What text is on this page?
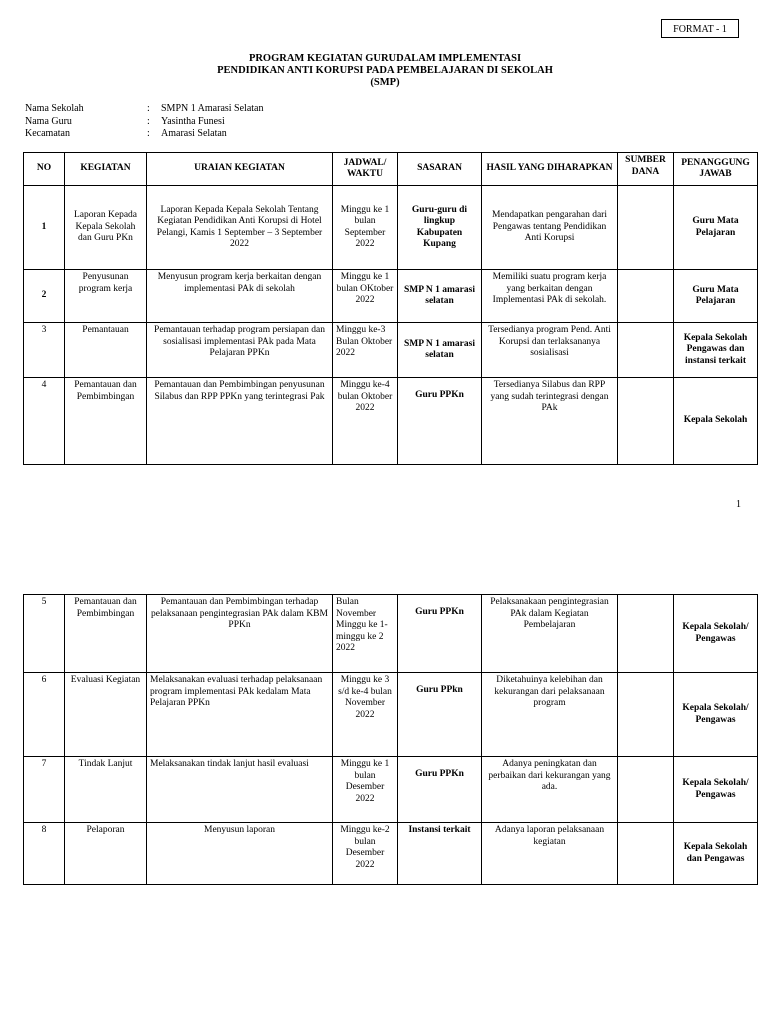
FORMAT - 1
PROGRAM KEGIATAN GURUDALAM IMPLEMENTASI
PENDIDIKAN ANTI KORUPSI PADA PEMBELAJARAN DI SEKOLAH
(SMP)
Nama Sekolah	:	SMPN 1 Amarasi Selatan
Nama Guru	:	Yasintha Funesi
Kecamatan	:	Amarasi Selatan
NO	KEGIATAN	URAIAN KEGIATAN	JADWAL/ WAKTU	SASARAN	HASIL YANG DIHARAPKAN	SUMBER DANA	PENANGGUNG JAWAB
1	Laporan Kepada Kepala Sekolah dan Guru PKn	Laporan Kepada Kepala Sekolah Tentang Kegiatan Pendidikan Anti Korupsi di Hotel Pelangi, Kamis 1 September – 3 September 2022	Minggu ke 1 bulan September 2022	Guru-guru di lingkup Kabupaten Kupang	Mendapatkan pengarahan dari Pengawas tentang Pendidikan Anti Korupsi		Guru Mata Pelajaran
2	Penyusunan program kerja	Menyusun program kerja berkaitan dengan implementasi PAk di sekolah	Minggu ke 1 bulan OKtober 2022	SMP N 1 amarasi selatan	Memiliki suatu program kerja yang berkaitan dengan Implementasi PAk di sekolah.		Guru Mata Pelajaran
3	Pemantauan	Pemantauan terhadap program persiapan dan sosialisasi implementasi PAk pada Mata Pelajaran PPKn	Minggu ke-3 Bulan Oktober 2022	SMP N 1 amarasi selatan	Tersedianya program Pend. Anti Korupsi dan terlaksananya sosialisasi		Kepala Sekolah Pengawas dan instansi terkait
4	Pemantauan dan Pembimbingan	Pemantauan dan Pembimbingan penyusunan Silabus dan RPP PPKn yang terintegrasi Pak	Minggu ke-4 bulan Oktober 2022	Guru PPKn	Tersedianya Silabus dan RPP yang sudah terintegrasi dengan PAk		Kepala Sekolah
1
5	Pemantauan dan Pembimbingan	Pemantauan dan Pembimbingan terhadap pelaksanaan pengintegrasian PAk dalam KBM PPKn	Bulan November Minggu ke 1- minggu ke 2 2022	Guru PPKn	Pelaksanakaan pengintegrasian PAk dalam Kegiatan Pembelajaran		Kepala Sekolah/ Pengawas
6	Evaluasi Kegiatan	Melaksanakan evaluasi terhadap pelaksanaan program implementasi PAk kedalam Mata Pelajaran PPKn	Minggu ke 3 s/d ke-4 bulan November 2022	Guru PPkn	Diketahuinya kelebihan dan kekurangan dari pelaksanaan program		Kepala Sekolah/ Pengawas
7	Tindak Lanjut	Melaksanakan tindak lanjut hasil evaluasi	Minggu ke 1 bulan Desember 2022	Guru PPKn	Adanya peningkatan dan perbaikan dari kekurangan yang ada.		Kepala Sekolah/ Pengawas
8	Pelaporan	Menyusun laporan	Minggu ke-2 bulan Desember 2022	Instansi terkait	Adanya laporan pelaksanaan kegiatan		Kepala Sekolah dan Pengawas
